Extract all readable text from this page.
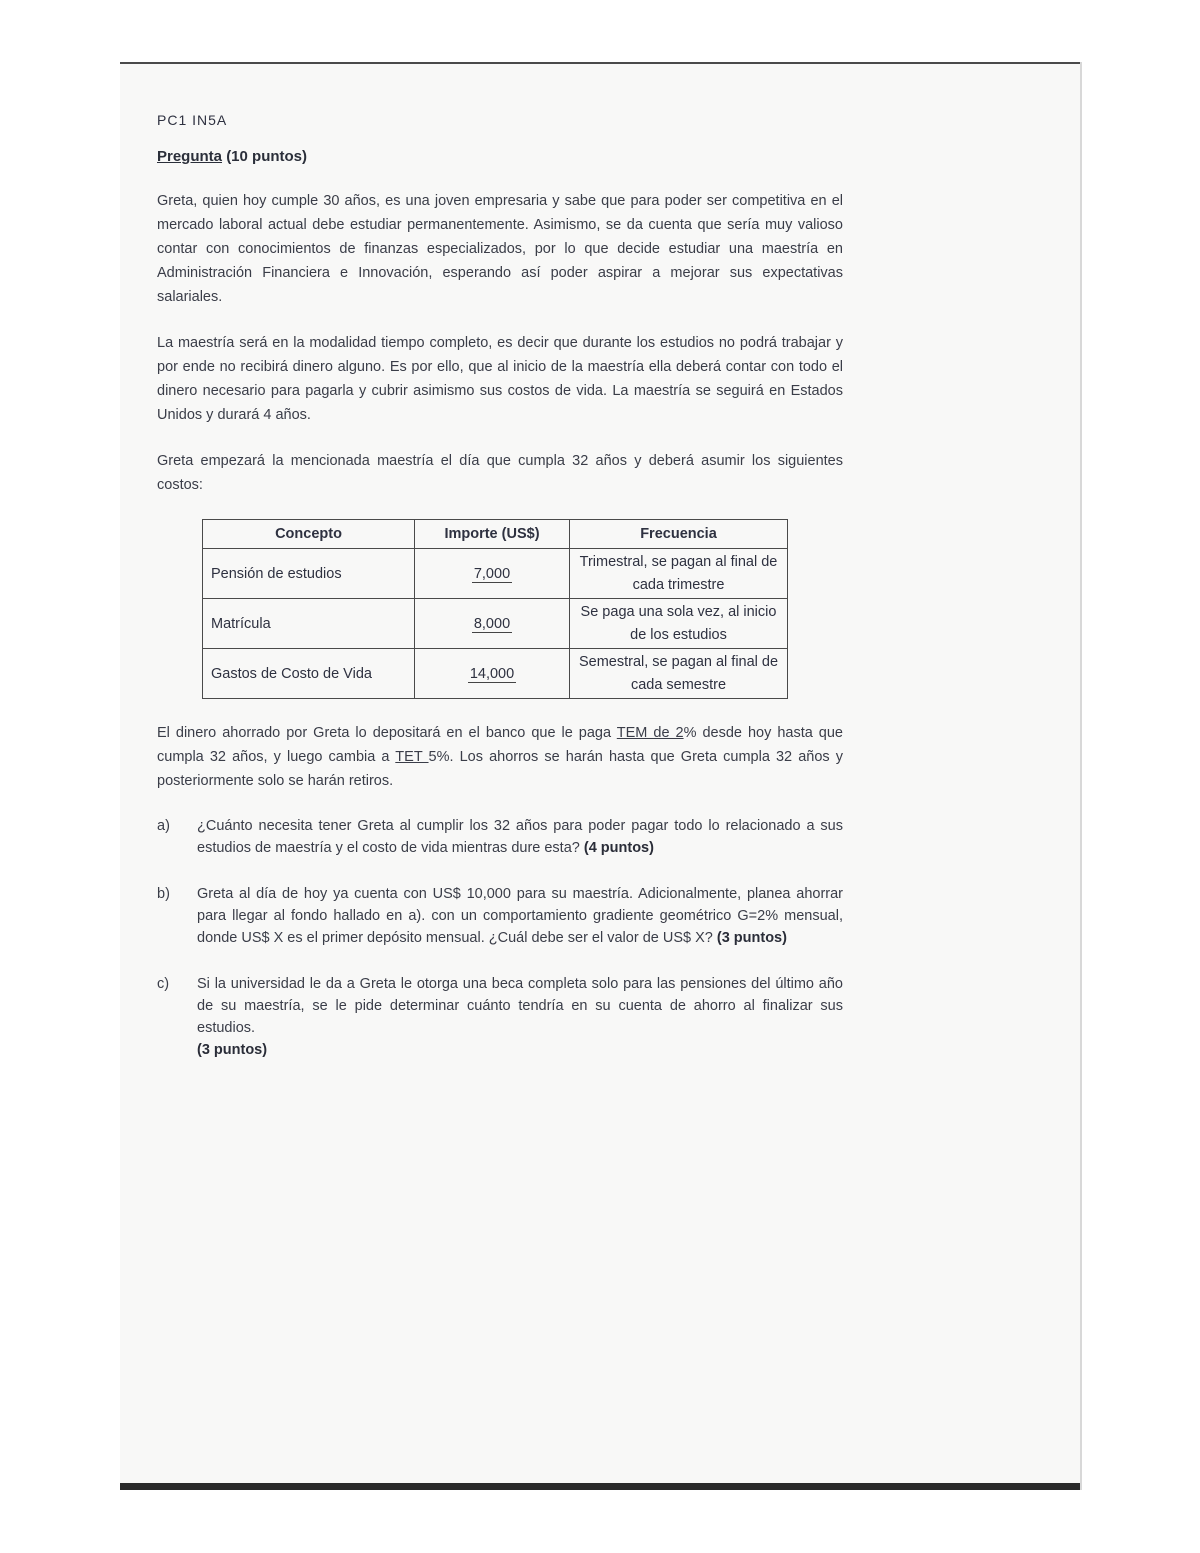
PC1 IN5A
Pregunta (10 puntos)

Greta, quien hoy cumple 30 años, es una joven empresaria y sabe que para poder ser competitiva en el mercado laboral actual debe estudiar permanentemente. Asimismo, se da cuenta que sería muy valioso contar con conocimientos de finanzas especializados, por lo que decide estudiar una maestría en Administración Financiera e Innovación, esperando así poder aspirar a mejorar sus expectativas salariales.

La maestría será en la modalidad tiempo completo, es decir que durante los estudios no podrá trabajar y por ende no recibirá dinero alguno. Es por ello, que al inicio de la maestría ella deberá contar con todo el dinero necesario para pagarla y cubrir asimismo sus costos de vida. La maestría se seguirá en Estados Unidos y durará 4 años.

Greta empezará la mencionada maestría el día que cumpla 32 años y deberá asumir los siguientes costos:

Concepto	Importe (US$)	Frecuencia
Pensión de estudios	7,000	Trimestral, se pagan al final de
cada trimestre
Matrícula	8,000	Se paga una sola vez, al inicio
de los estudios
Gastos de Costo de Vida	14,000	Semestral, se pagan al final de
cada semestre

El dinero ahorrado por Greta lo depositará en el banco que le paga TEM de 2% desde hoy hasta que cumpla 32 años, y luego cambia a TET 5%. Los ahorros se harán hasta que Greta cumpla 32 años y posteriormente solo se harán retiros.

a)	¿Cuánto necesita tener Greta al cumplir los 32 años para poder pagar todo lo relacionado a sus estudios de maestría y el costo de vida mientras dure esta? (4 puntos)
b)	Greta al día de hoy ya cuenta con US$ 10,000 para su maestría. Adicionalmente, planea ahorrar para llegar al fondo hallado en a). con un comportamiento gradiente geométrico G=2% mensual, donde US$ X es el primer depósito mensual. ¿Cuál debe ser el valor de US$ X? (3 puntos)
c)	Si la universidad le da a Greta le otorga una beca completa solo para las pensiones del último año de su maestría, se le pide determinar cuánto tendría en su cuenta de ahorro al finalizar sus estudios.
(3 puntos)
